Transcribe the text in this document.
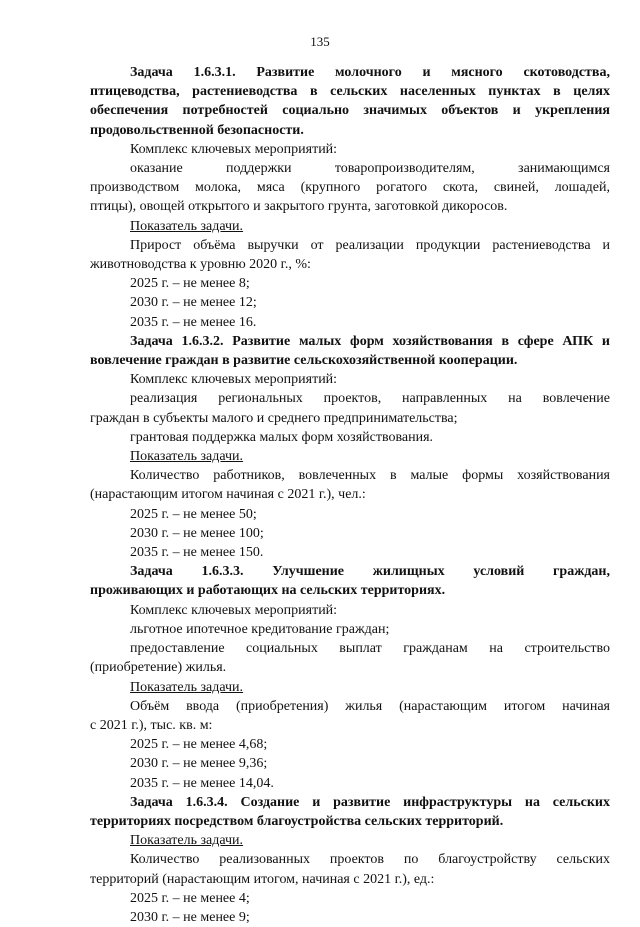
135

Задача 1.6.3.1. Развитие молочного и мясного скотоводства,

птицеводства, растениеводства в сельских населенных пунктах в целях

обеспечения потребностей социально значимых объектов и укрепления

продовольственной безопасности.

Комплекс ключевых мероприятий:

оказание поддержки товаропроизводителям, занимающимся

производством молока, мяса (крупного рогатого скота, свиней, лошадей,

птицы), овощей открытого и закрытого грунта, заготовкой дикоросов.

Показатель задачи.

Прирост объёма выручки от реализации продукции растениеводства и

животноводства к уровню 2020 г., %:

2025 г. – не менее 8;

2030 г. – не менее 12;

2035 г. – не менее 16.

Задача 1.6.3.2. Развитие малых форм хозяйствования в сфере АПК и

вовлечение граждан в развитие сельскохозяйственной кооперации.

Комплекс ключевых мероприятий:

реализация региональных проектов, направленных на вовлечение

граждан в субъекты малого и среднего предпринимательства;

грантовая поддержка малых форм хозяйствования.

Показатель задачи.

Количество работников, вовлеченных в малые формы хозяйствования

(нарастающим итогом начиная с 2021 г.), чел.:

2025 г. – не менее 50;

2030 г. – не менее 100;

2035 г. – не менее 150.

Задача 1.6.3.3. Улучшение жилищных условий граждан,

проживающих и работающих на сельских территориях.

Комплекс ключевых мероприятий:

льготное ипотечное кредитование граждан;

предоставление социальных выплат гражданам на строительство

(приобретение) жилья.

Показатель задачи.

Объём ввода (приобретения) жилья (нарастающим итогом начиная

с 2021 г.), тыс. кв. м:

2025 г. – не менее 4,68;

2030 г. – не менее 9,36;

2035 г. – не менее 14,04.

Задача 1.6.3.4. Создание и развитие инфраструктуры на сельских

территориях посредством благоустройства сельских территорий.

Показатель задачи.

Количество реализованных проектов по благоустройству сельских

территорий (нарастающим итогом, начиная с 2021 г.), ед.:

2025 г. – не менее 4;

2030 г. – не менее 9;
